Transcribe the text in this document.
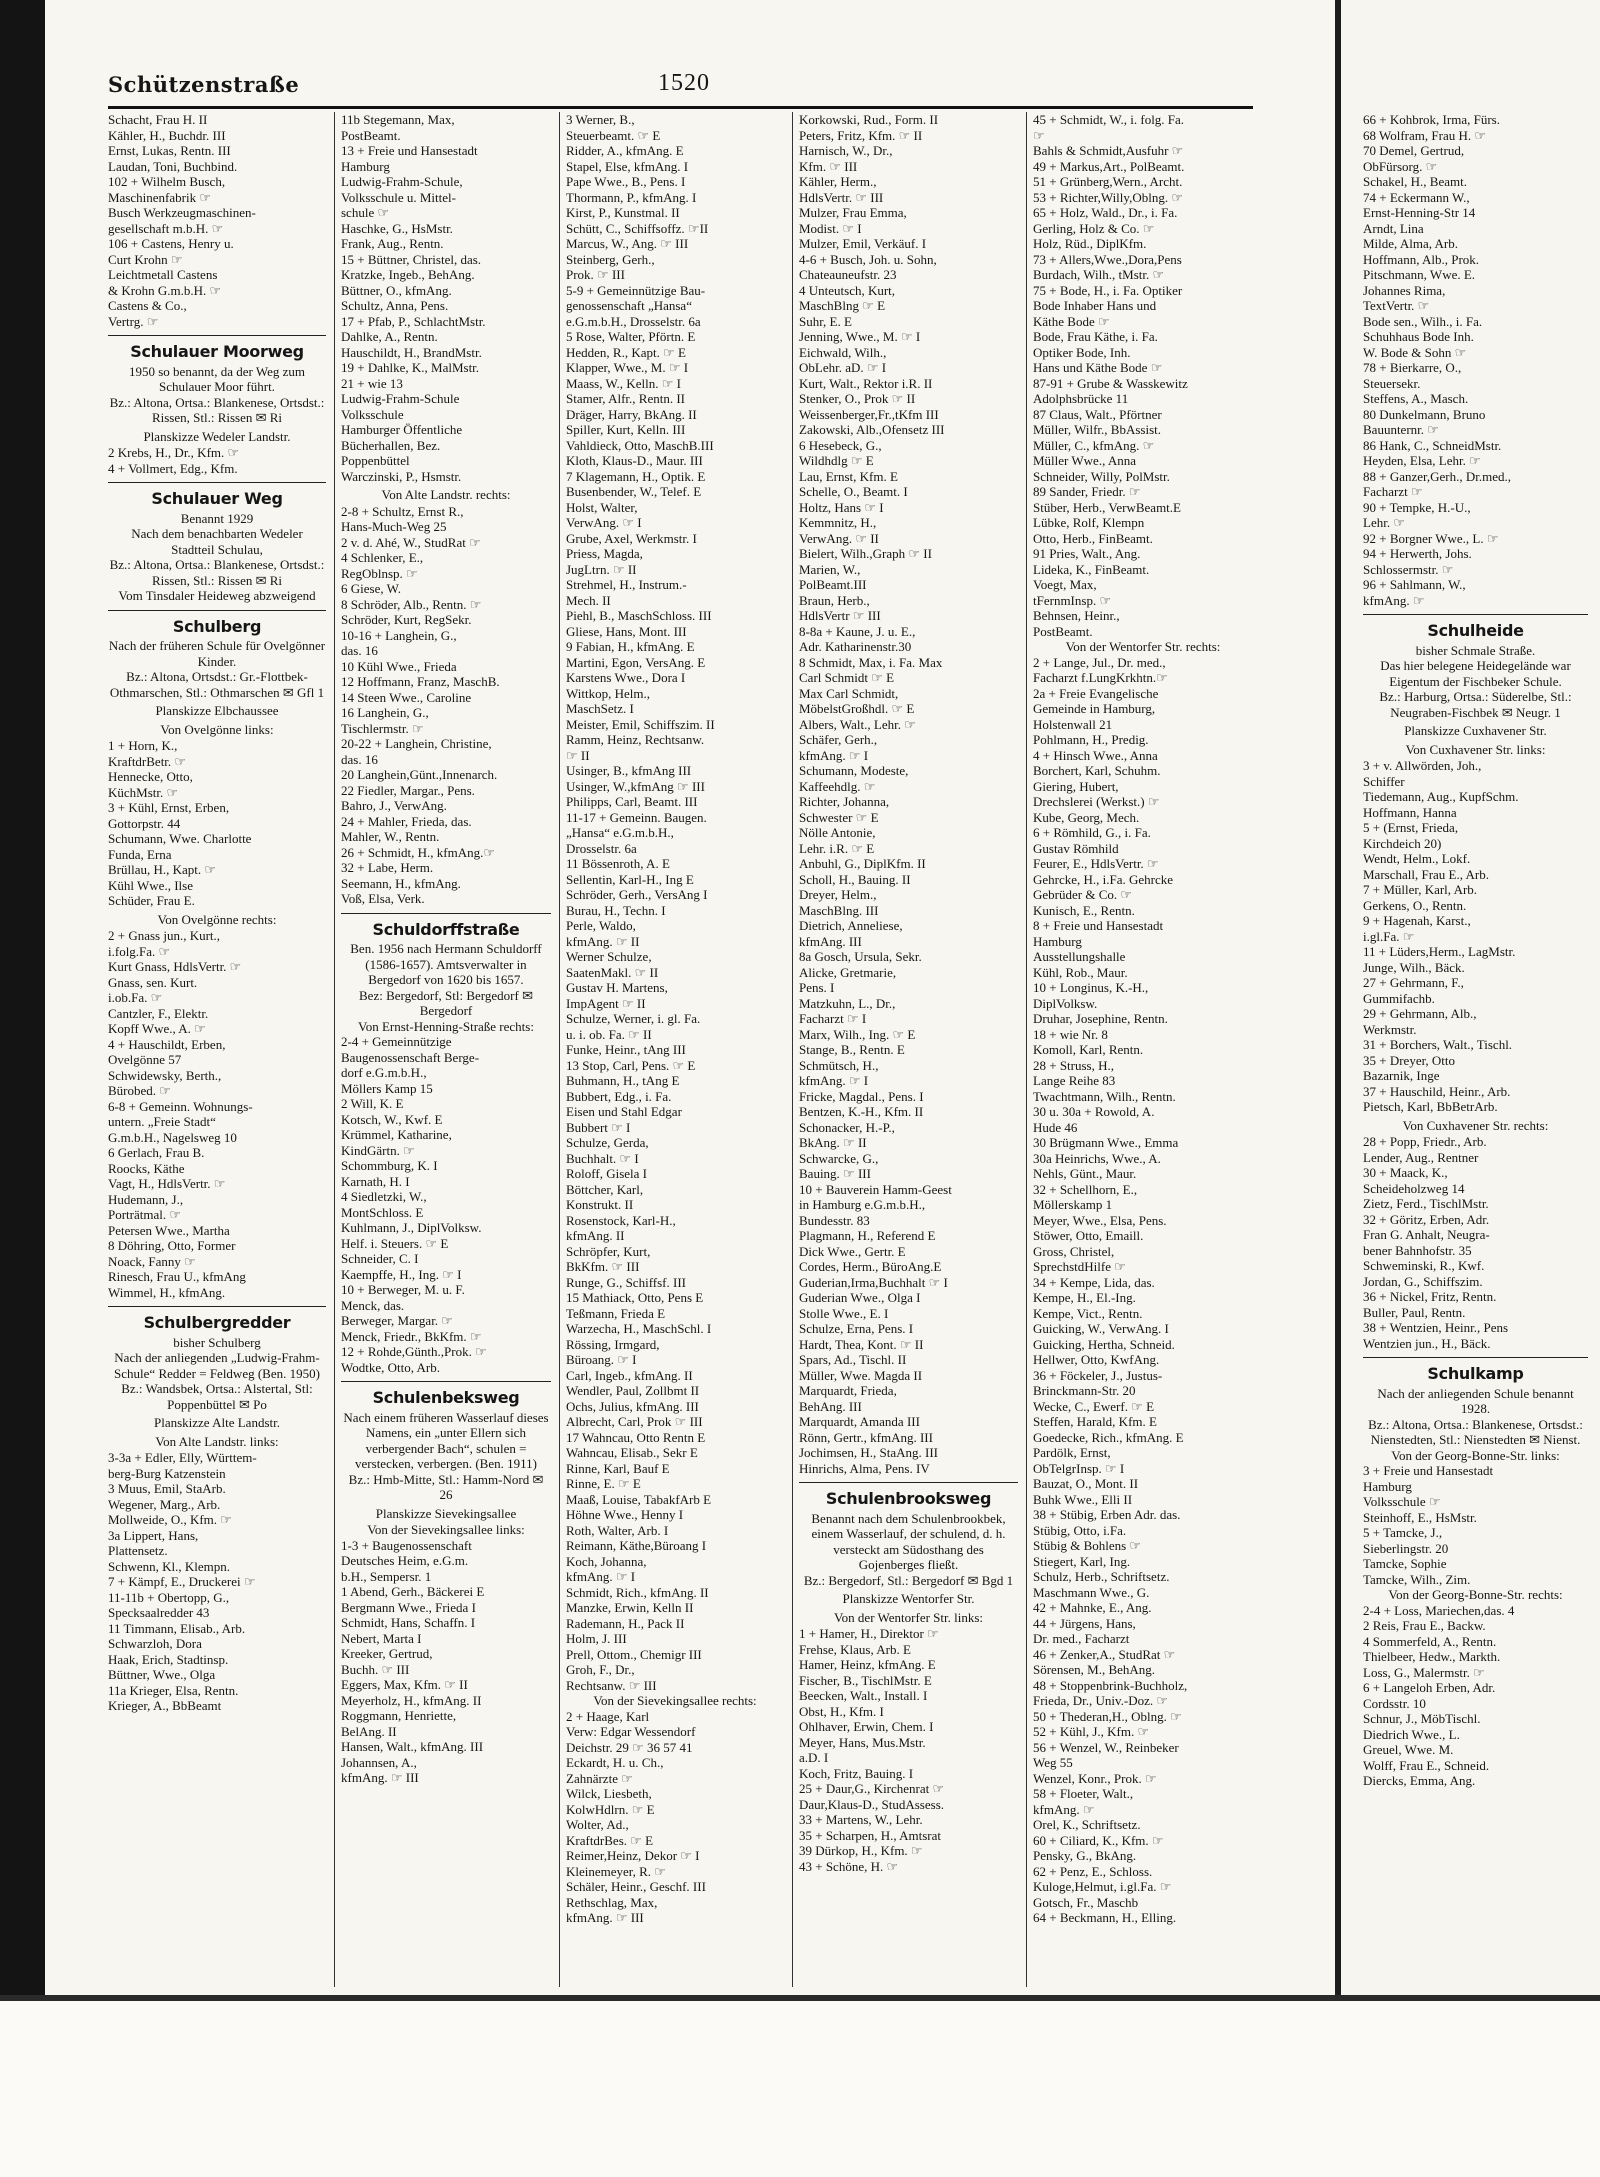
Schützenstraße	1520
Schacht, Frau H. II
Kähler, H., Buchdr. III
Ernst, Lukas, Rentn. III
Laudan, Toni, Buchbind.
102 + Wilhelm Busch,
Maschinenfabrik ☞
Busch Werkzeugmaschinen-
gesellschaft m.b.H. ☞
106 + Castens, Henry u.
Curt Krohn ☞
Leichtmetall Castens
& Krohn G.m.b.H. ☞
Castens & Co.,
Vertrg. ☞
Schulauer Moorweg
1950 so benannt, da der Weg zum Schulauer Moor führt.
Bz.: Altona, Ortsa.: Blankenese, Ortsdst.: Rissen, Stl.: Rissen ✉ Ri
Planskizze Wedeler Landstr.
2 Krebs, H., Dr., Kfm. ☞
4 + Vollmert, Edg., Kfm.
Schulauer Weg
Benannt 1929
Nach dem benachbarten Wedeler Stadtteil Schulau,
Bz.: Altona, Ortsa.: Blankenese, Ortsdst.: Rissen, Stl.: Rissen ✉ Ri
Vom Tinsdaler Heideweg abzweigend
Schulberg
Nach der früheren Schule für Ovelgönner Kinder.
Bz.: Altona, Ortsdst.: Gr.-Flottbek-Othmarschen, Stl.: Othmarschen ✉ Gfl 1
Planskizze Elbchaussee
Von Ovelgönne links:
1 + Horn, K.,
KraftdrBetr. ☞
Hennecke, Otto,
KüchMstr. ☞
3 + Kühl, Ernst, Erben,
Gottorpstr. 44
Schumann, Wwe. Charlotte
Funda, Erna
Brüllau, H., Kapt. ☞
Kühl Wwe., Ilse
Schüder, Frau E.
Von Ovelgönne rechts:
2 + Gnass jun., Kurt.,
i.folg.Fa. ☞
Kurt Gnass, HdlsVertr. ☞
Gnass, sen. Kurt.
i.ob.Fa. ☞
Cantzler, F., Elektr.
Kopff Wwe., A. ☞
4 + Hauschildt, Erben,
Ovelgönne 57
Schwidewsky, Berth.,
Bürobed. ☞
6-8 + Gemeinn. Wohnungs-
untern. „Freie Stadt“
G.m.b.H., Nagelsweg 10
6 Gerlach, Frau B.
Roocks, Käthe
Vagt, H., HdlsVertr. ☞
Hudemann, J.,
Porträtmal. ☞
Petersen Wwe., Martha
8 Döhring, Otto, Former
Noack, Fanny ☞
Rinesch, Frau U., kfmAng
Wimmel, H., kfmAng.
Schulbergredder
bisher Schulberg
Nach der anliegenden „Ludwig-Frahm-Schule“ Redder = Feldweg (Ben. 1950)
Bz.: Wandsbek, Ortsa.: Alstertal, Stl: Poppenbüttel ✉ Po
Planskizze Alte Landstr.
Von Alte Landstr. links:
3-3a + Edler, Elly, Württem-
berg-Burg Katzenstein
3 Muus, Emil, StaArb.
Wegener, Marg., Arb.
Mollweide, O., Kfm. ☞
3a Lippert, Hans,
Plattensetz.
Schwenn, Kl., Klempn.
7 + Kämpf, E., Druckerei ☞
11-11b + Obertopp, G.,
Specksaalredder 43
11 Timmann, Elisab., Arb.
Schwarzloh, Dora
Haak, Erich, Stadtinsp.
Büttner, Wwe., Olga
11a Krieger, Elsa, Rentn.
Krieger, A., BbBeamt
11b Stegemann, Max,
PostBeamt.
13 + Freie und Hansestadt
Hamburg
Ludwig-Frahm-Schule,
Volksschule u. Mittel-
schule ☞
Haschke, G., HsMstr.
Frank, Aug., Rentn.
15 + Büttner, Christel, das.
Kratzke, Ingeb., BehAng.
Büttner, O., kfmAng.
Schultz, Anna, Pens.
17 + Pfab, P., SchlachtMstr.
Dahlke, A., Rentn.
Hauschildt, H., BrandMstr.
19 + Dahlke, K., MalMstr.
21 + wie 13
Ludwig-Frahm-Schule
Volksschule
Hamburger Öffentliche
Bücherhallen, Bez.
Poppenbüttel
Warczinski, P., Hsmstr.
Von Alte Landstr. rechts:
2-8 + Schultz, Ernst R.,
Hans-Much-Weg 25
2 v. d. Ahé, W., StudRat ☞
4 Schlenker, E.,
RegOblnsp. ☞
6 Giese, W.
8 Schröder, Alb., Rentn. ☞
Schröder, Kurt, RegSekr.
10-16 + Langhein, G.,
das. 16
10 Kühl Wwe., Frieda
12 Hoffmann, Franz, MaschB.
14 Steen Wwe., Caroline
16 Langhein, G.,
Tischlermstr. ☞
20-22 + Langhein, Christine,
das. 16
20 Langhein,Günt.,Innenarch.
22 Fiedler, Margar., Pens.
Bahro, J., VerwAng.
24 + Mahler, Frieda, das.
Mahler, W., Rentn.
26 + Schmidt, H., kfmAng.☞
32 + Labe, Herm.
Seemann, H., kfmAng.
Voß, Elsa, Verk.
Schuldorffstraße
Ben. 1956 nach Hermann Schuldorff (1586-1657). Amtsverwalter in Bergedorf von 1620 bis 1657.
Bez: Bergedorf, Stl: Bergedorf ✉ Bergedorf
Von Ernst-Henning-Straße rechts:
2-4 + Gemeinnützige
Baugenossenschaft Berge-
dorf e.G.m.b.H.,
Möllers Kamp 15
2 Will, K. E
Kotsch, W., Kwf. E
Krümmel, Katharine,
KindGärtn. ☞
Schommburg, K. I
Karnath, H. I
4 Siedletzki, W.,
MontSchloss. E
Kuhlmann, J., DiplVolksw.
Helf. i. Steuers. ☞ E
Schneider, C. I
Kaempffe, H., Ing. ☞ I
10 + Berweger, M. u. F.
Menck, das.
Berweger, Margar. ☞
Menck, Friedr., BkKfm. ☞
12 + Rohde,Günth.,Prok. ☞
Wodtke, Otto, Arb.
Schulenbeksweg
Nach einem früheren Wasserlauf dieses Namens, ein „unter Ellern sich verbergender Bach“, schulen = verstecken, verbergen. (Ben. 1911)
Bz.: Hmb-Mitte, Stl.: Hamm-Nord ✉ 26
Planskizze Sievekingsallee
Von der Sievekingsallee links:
1-3 + Baugenossenschaft
Deutsches Heim, e.G.m.
b.H., Sempersr. 1
1 Abend, Gerh., Bäckerei E
Bergmann Wwe., Frieda I
Schmidt, Hans, Schaffn. I
Nebert, Marta I
Kreeker, Gertrud,
Buchh. ☞ III
Eggers, Max, Kfm. ☞ II
Meyerholz, H., kfmAng. II
Roggmann, Henriette,
BelAng. II
Hansen, Walt., kfmAng. III
Johannsen, A.,
kfmAng. ☞ III
3 Werner, B.,
Steuerbeamt. ☞ E
Ridder, A., kfmAng. E
Stapel, Else, kfmAng. I
Pape Wwe., B., Pens. I
Thormann, P., kfmAng. I
Kirst, P., Kunstmal. II
Schütt, C., Schiffsoffz. ☞II
Marcus, W., Ang. ☞ III
Steinberg, Gerh.,
Prok. ☞ III
5-9 + Gemeinnützige Bau-
genossenschaft „Hansa“
e.G.m.b.H., Drosselstr. 6a
5 Rose, Walter, Pförtn. E
Hedden, R., Kapt. ☞ E
Klapper, Wwe., M. ☞ I
Maass, W., Kelln. ☞ I
Stamer, Alfr., Rentn. II
Dräger, Harry, BkAng. II
Spiller, Kurt, Kelln. III
Vahldieck, Otto, MaschB.III
Kloth, Klaus-D., Maur. III
7 Klagemann, H., Optik. E
Busenbender, W., Telef. E
Holst, Walter,
VerwAng. ☞ I
Grube, Axel, Werkmstr. I
Priess, Magda,
JugLtrn. ☞ II
Strehmel, H., Instrum.-
Mech. II
Piehl, B., MaschSchloss. III
Gliese, Hans, Mont. III
9 Fabian, H., kfmAng. E
Martini, Egon, VersAng. E
Karstens Wwe., Dora I
Wittkop, Helm.,
MaschSetz. I
Meister, Emil, Schiffszim. II
Ramm, Heinz, Rechtsanw.
☞ II
Usinger, B., kfmAng III
Usinger, W.,kfmAng ☞ III
Philipps, Carl, Beamt. III
11-17 + Gemeinn. Baugen.
„Hansa“ e.G.m.b.H.,
Drosselstr. 6a
11 Bössenroth, A. E
Sellentin, Karl-H., Ing E
Schröder, Gerh., VersAng I
Burau, H., Techn. I
Perle, Waldo,
kfmAng. ☞ II
Werner Schulze,
SaatenMakl. ☞ II
Gustav H. Martens,
ImpAgent ☞ II
Schulze, Werner, i. gl. Fa.
u. i. ob. Fa. ☞ II
Funke, Heinr., tAng III
13 Stop, Carl, Pens. ☞ E
Buhmann, H., tAng E
Bubbert, Edg., i. Fa.
Eisen und Stahl Edgar
Bubbert ☞ I
Schulze, Gerda,
Buchhalt. ☞ I
Roloff, Gisela I
Böttcher, Karl,
Konstrukt. II
Rosenstock, Karl-H.,
kfmAng. II
Schröpfer, Kurt,
BkKfm. ☞ III
Runge, G., Schiffsf. III
15 Mathiack, Otto, Pens E
Teßmann, Frieda E
Warzecha, H., MaschSchl. I
Rössing, Irmgard,
Büroang. ☞ I
Carl, Ingeb., kfmAng. II
Wendler, Paul, Zollbmt II
Ochs, Julius, kfmAng. III
Albrecht, Carl, Prok ☞ III
17 Wahncau, Otto Rentn E
Wahncau, Elisab., Sekr E
Rinne, Karl, Bauf E
Rinne, E. ☞ E
Maaß, Louise, TabakfArb E
Höhne Wwe., Henny I
Roth, Walter, Arb. I
Reimann, Käthe,Büroang I
Koch, Johanna,
kfmAng. ☞ I
Schmidt, Rich., kfmAng. II
Manzke, Erwin, Kelln II
Rademann, H., Pack II
Holm, J. III
Prell, Ottom., Chemigr III
Groh, F., Dr.,
Rechtsanw. ☞ III
Von der Sievekingsallee rechts:
2 + Haage, Karl
Verw: Edgar Wessendorf
Deichstr. 29 ☞ 36 57 41
Eckardt, H. u. Ch.,
Zahnärzte ☞
Wilck, Liesbeth,
KolwHdlrn. ☞ E
Wolter, Ad.,
KraftdrBes. ☞ E
Reimer,Heinz, Dekor ☞ I
Kleinemeyer, R. ☞
Schäler, Heinr., Geschf. III
Rethschlag, Max,
kfmAng. ☞ III
Korkowski, Rud., Form. II
Peters, Fritz, Kfm. ☞ II
Harnisch, W., Dr.,
Kfm. ☞ III
Kähler, Herm.,
HdlsVertr. ☞ III
Mulzer, Frau Emma,
Modist. ☞ I
Mulzer, Emil, Verkäuf. I
4-6 + Busch, Joh. u. Sohn,
Chateauneufstr. 23
4 Unteutsch, Kurt,
MaschBlng ☞ E
Suhr, E. E
Jenning, Wwe., M. ☞ I
Eichwald, Wilh.,
ObLehr. aD. ☞ I
Kurt, Walt., Rektor i.R. II
Stenker, O., Prok ☞ II
Weissenberger,Fr.,tKfm III
Zakowski, Alb.,Ofensetz III
6 Hesebeck, G.,
Wildhdlg ☞ E
Lau, Ernst, Kfm. E
Schelle, O., Beamt. I
Holtz, Hans ☞ I
Kemmnitz, H.,
VerwAng. ☞ II
Bielert, Wilh.,Graph ☞ II
Marien, W.,
PolBeamt.III
Braun, Herb.,
HdlsVertr ☞ III
8-8a + Kaune, J. u. E.,
Adr. Katharinenstr.30
8 Schmidt, Max, i. Fa. Max
Carl Schmidt ☞ E
Max Carl Schmidt,
MöbelstGroßhdl. ☞ E
Albers, Walt., Lehr. ☞
Schäfer, Gerh.,
kfmAng. ☞ I
Schumann, Modeste,
Kaffeehdlg. ☞
Richter, Johanna,
Schwester ☞ E
Nölle Antonie,
Lehr. i.R. ☞ E
Anbuhl, G., DiplKfm. II
Scholl, H., Bauing. II
Dreyer, Helm.,
MaschBlng. III
Dietrich, Anneliese,
kfmAng. III
8a Gosch, Ursula, Sekr.
Alicke, Gretmarie,
Pens. I
Matzkuhn, L., Dr.,
Facharzt ☞ I
Marx, Wilh., Ing. ☞ E
Stange, B., Rentn. E
Schmütsch, H.,
kfmAng. ☞ I
Fricke, Magdal., Pens. I
Bentzen, K.-H., Kfm. II
Schonacker, H.-P.,
BkAng. ☞ II
Schwarcke, G.,
Bauing. ☞ III
10 + Bauverein Hamm-Geest
in Hamburg e.G.m.b.H.,
Bundesstr. 83
Plagmann, H., Referend E
Dick Wwe., Gertr. E
Cordes, Herm., BüroAng.E
Guderian,Irma,Buchhalt ☞ I
Guderian Wwe., Olga I
Stolle Wwe., E. I
Schulze, Erna, Pens. I
Hardt, Thea, Kont. ☞ II
Spars, Ad., Tischl. II
Müller, Wwe. Magda II
Marquardt, Frieda,
BehAng. III
Marquardt, Amanda III
Rönn, Gertr., kfmAng. III
Jochimsen, H., StaAng. III
Hinrichs, Alma, Pens. IV
Schulenbrooksweg
Benannt nach dem Schulenbrookbek, einem Wasserlauf, der schulend, d. h. versteckt am Südosthang des Gojenberges fließt.
Bz.: Bergedorf, Stl.: Bergedorf ✉ Bgd 1
Planskizze Wentorfer Str.
Von der Wentorfer Str. links:
1 + Hamer, H., Direktor ☞
Frehse, Klaus, Arb. E
Hamer, Heinz, kfmAng. E
Fischer, B., TischlMstr. E
Beecken, Walt., Install. I
Obst, H., Kfm. I
Ohlhaver, Erwin, Chem. I
Meyer, Hans, Mus.Mstr.
a.D. I
Koch, Fritz, Bauing. I
25 + Daur,G., Kirchenrat ☞
Daur,Klaus-D., StudAssess.
33 + Martens, W., Lehr.
35 + Scharpen, H., Amtsrat
39 Dürkop, H., Kfm. ☞
43 + Schöne, H. ☞
45 + Schmidt, W., i. folg. Fa.
☞
Bahls & Schmidt,Ausfuhr ☞
49 + Markus,Art., PolBeamt.
51 + Grünberg,Wern., Archt.
53 + Richter,Willy,Oblng. ☞
65 + Holz, Wald., Dr., i. Fa.
Gerling, Holz & Co. ☞
Holz, Rüd., DiplKfm.
73 + Allers,Wwe.,Dora,Pens
Burdach, Wilh., tMstr. ☞
75 + Bode, H., i. Fa. Optiker
Bode Inhaber Hans und
Käthe Bode ☞
Bode, Frau Käthe, i. Fa.
Optiker Bode, Inh.
Hans und Käthe Bode ☞
87-91 + Grube & Wasskewitz
Adolphsbrücke 11
87 Claus, Walt., Pförtner
Müller, Wilfr., BbAssist.
Müller, C., kfmAng. ☞
Müller Wwe., Anna
Schneider, Willy, PolMstr.
89 Sander, Friedr. ☞
Stüber, Herb., VerwBeamt.E
Lübke, Rolf, Klempn
Otto, Herb., FinBeamt.
91 Pries, Walt., Ang.
Lideka, K., FinBeamt.
Voegt, Max,
tFernmInsp. ☞
Behnsen, Heinr.,
PostBeamt.
Von der Wentorfer Str. rechts:
2 + Lange, Jul., Dr. med.,
Facharzt f.LungKrkhtn.☞
2a + Freie Evangelische
Gemeinde in Hamburg,
Holstenwall 21
Pohlmann, H., Predig.
4 + Hinsch Wwe., Anna
Borchert, Karl, Schuhm.
Giering, Hubert,
Drechslerei (Werkst.) ☞
Kube, Georg, Mech.
6 + Römhild, G., i. Fa.
Gustav Römhild
Feurer, E., HdlsVertr. ☞
Gehrcke, H., i.Fa. Gehrcke
Gebrüder & Co. ☞
Kunisch, E., Rentn.
8 + Freie und Hansestadt
Hamburg
Ausstellungshalle
Kühl, Rob., Maur.
10 + Longinus, K.-H.,
DiplVolksw.
Druhar, Josephine, Rentn.
18 + wie Nr. 8
Komoll, Karl, Rentn.
28 + Struss, H.,
Lange Reihe 83
Twachtmann, Wilh., Rentn.
30 u. 30a + Rowold, A.
Hude 46
30 Brügmann Wwe., Emma
30a Heinrichs, Wwe., A.
Nehls, Günt., Maur.
32 + Schellhorn, E.,
Möllerskamp 1
Meyer, Wwe., Elsa, Pens.
Stöwer, Otto, Emaill.
Gross, Christel,
SprechstdHilfe ☞
34 + Kempe, Lida, das.
Kempe, H., El.-Ing.
Kempe, Vict., Rentn.
Guicking, W., VerwAng. I
Guicking, Hertha, Schneid.
Hellwer, Otto, KwfAng.
36 + Föckeler, J., Justus-
Brinckmann-Str. 20
Wecke, C., Ewerf. ☞ E
Steffen, Harald, Kfm. E
Goedecke, Rich., kfmAng. E
Pardölk, Ernst,
ObTelgrInsp. ☞ I
Bauzat, O., Mont. II
Buhk Wwe., Elli II
38 + Stübig, Erben Adr. das.
Stübig, Otto, i.Fa.
Stübig & Bohlens ☞
Stiegert, Karl, Ing.
Schulz, Herb., Schriftsetz.
Maschmann Wwe., G.
42 + Mahnke, E., Ang.
44 + Jürgens, Hans,
Dr. med., Facharzt
46 + Zenker,A., StudRat ☞
Sörensen, M., BehAng.
48 + Stoppenbrink-Buchholz,
Frieda, Dr., Univ.-Doz. ☞
50 + Thederan,H., Oblng. ☞
52 + Kühl, J., Kfm. ☞
56 + Wenzel, W., Reinbeker
Weg 55
Wenzel, Konr., Prok. ☞
58 + Floeter, Walt.,
kfmAng. ☞
Orel, K., Schriftsetz.
60 + Ciliard, K., Kfm. ☞
Pensky, G., BkAng.
62 + Penz, E., Schloss.
Kuloge,Helmut, i.gl.Fa. ☞
Gotsch, Fr., Maschb
64 + Beckmann, H., Elling.
66 + Kohbrok, Irma, Fürs.
68 Wolfram, Frau H. ☞
70 Demel, Gertrud,
ObFürsorg. ☞
Schakel, H., Beamt.
74 + Eckermann W.,
Ernst-Henning-Str 14
Arndt, Lina
Milde, Alma, Arb.
Hoffmann, Alb., Prok.
Pitschmann, Wwe. E.
Johannes Rima,
TextVertr. ☞
Bode sen., Wilh., i. Fa.
Schuhhaus Bode Inh.
W. Bode & Sohn ☞
78 + Bierkarre, O.,
Steuersekr.
Steffens, A., Masch.
80 Dunkelmann, Bruno
Bauunternr. ☞
86 Hank, C., SchneidMstr.
Heyden, Elsa, Lehr. ☞
88 + Ganzer,Gerh., Dr.med.,
Facharzt ☞
90 + Tempke, H.-U.,
Lehr. ☞
92 + Borgner Wwe., L. ☞
94 + Herwerth, Johs.
Schlossermstr. ☞
96 + Sahlmann, W.,
kfmAng. ☞
Schulheide
bisher Schmale Straße.
Das hier belegene Heidegelände war Eigentum der Fischbeker Schule.
Bz.: Harburg, Ortsa.: Süderelbe, Stl.: Neugraben-Fischbek ✉ Neugr. 1
Planskizze Cuxhavener Str.
Von Cuxhavener Str. links:
3 + v. Allwörden, Joh.,
Schiffer
Tiedemann, Aug., KupfSchm.
Hoffmann, Hanna
5 + (Ernst, Frieda,
Kirchdeich 20)
Wendt, Helm., Lokf.
Marschall, Frau E., Arb.
7 + Müller, Karl, Arb.
Gerkens, O., Rentn.
9 + Hagenah, Karst.,
i.gl.Fa. ☞
11 + Lüders,Herm., LagMstr.
Junge, Wilh., Bäck.
27 + Gehrmann, F.,
Gummifachb.
29 + Gehrmann, Alb.,
Werkmstr.
31 + Borchers, Walt., Tischl.
35 + Dreyer, Otto
Bazarnik, Inge
37 + Hauschild, Heinr., Arb.
Pietsch, Karl, BbBetrArb.
Von Cuxhavener Str. rechts:
28 + Popp, Friedr., Arb.
Lender, Aug., Rentner
30 + Maack, K.,
Scheideholzweg 14
Zietz, Ferd., TischlMstr.
32 + Göritz, Erben, Adr.
Fran G. Anhalt, Neugra-
bener Bahnhofstr. 35
Schweminski, R., Kwf.
Jordan, G., Schiffszim.
36 + Nickel, Fritz, Rentn.
Buller, Paul, Rentn.
38 + Wentzien, Heinr., Pens
Wentzien jun., H., Bäck.
Schulkamp
Nach der anliegenden Schule benannt 1928.
Bz.: Altona, Ortsa.: Blankenese, Ortsdst.: Nienstedten, Stl.: Nienstedten ✉ Nienst.
Von der Georg-Bonne-Str. links:
3 + Freie und Hansestadt
Hamburg
Volksschule ☞
Steinhoff, E., HsMstr.
5 + Tamcke, J.,
Sieberlingstr. 20
Tamcke, Sophie
Tamcke, Wilh., Zim.
Von der Georg-Bonne-Str. rechts:
2-4 + Loss, Mariechen,das. 4
2 Reis, Frau E., Backw.
4 Sommerfeld, A., Rentn.
Thielbeer, Hedw., Markth.
Loss, G., Malermstr. ☞
6 + Langeloh Erben, Adr.
Cordsstr. 10
Schnur, J., MöbTischl.
Diedrich Wwe., L.
Greuel, Wwe. M.
Wolff, Frau E., Schneid.
Diercks, Emma, Ang.
